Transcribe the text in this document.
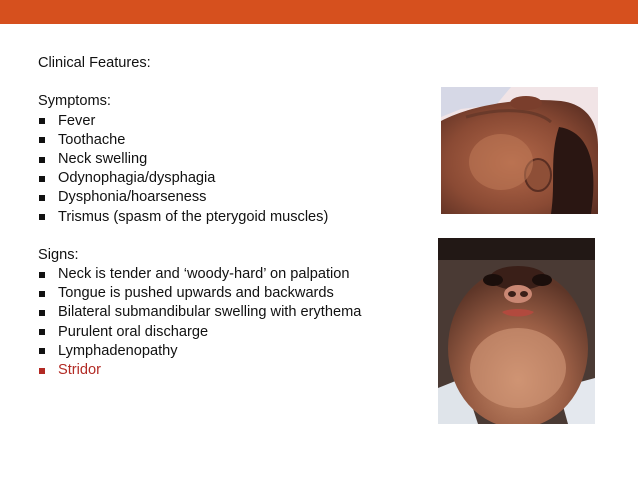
Clinical Features:
Symptoms:
Fever
Toothache
Neck swelling
Odynophagia/dysphagia
Dysphonia/hoarseness
Trismus (spasm of the pterygoid muscles)
Signs:
Neck is tender and ‘woody-hard’ on palpation
Tongue is pushed upwards and backwards
Bilateral submandibular swelling with erythema
Purulent oral discharge
Lymphadenopathy
Stridor
